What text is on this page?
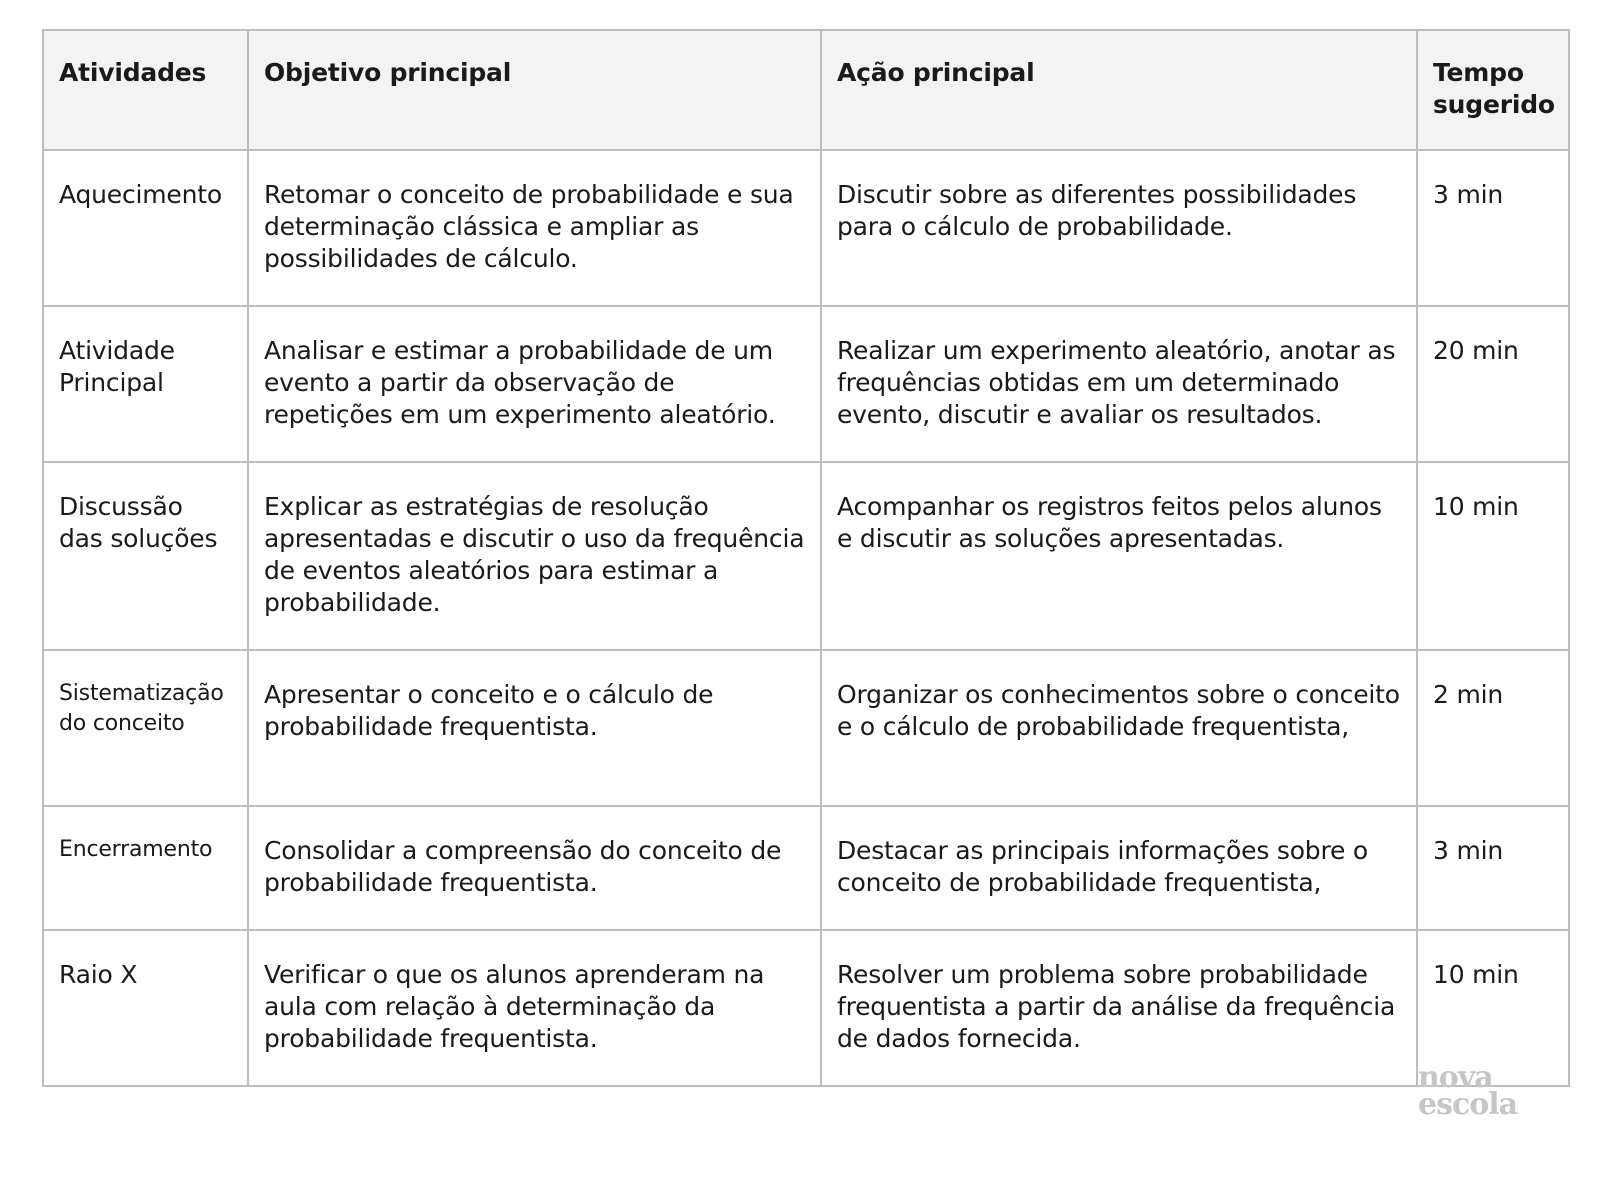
Atividades	Objetivo principal	Ação principal	Tempo sugerido
Aquecimento	Retomar o conceito de probabilidade e sua determinação clássica e ampliar as possibilidades de cálculo.	Discutir sobre as diferentes possibilidades para o cálculo de probabilidade.	3 min
Atividade Principal	Analisar e estimar a probabilidade de um evento a partir da observação de repetições em um experimento aleatório.	Realizar um experimento aleatório, anotar as frequências obtidas em um determinado evento, discutir e avaliar os resultados.	20 min
Discussão das soluções	Explicar as estratégias de resolução apresentadas e discutir o uso da frequência de eventos aleatórios para estimar a probabilidade.	Acompanhar os registros feitos pelos alunos e discutir as soluções apresentadas.	10 min
Sistematização do conceito	Apresentar o conceito e o cálculo de probabilidade frequentista.	Organizar os conhecimentos sobre o conceito e o cálculo de probabilidade frequentista,	2 min
Encerramento	Consolidar a compreensão do conceito de probabilidade frequentista.	Destacar as principais informações sobre o conceito de probabilidade frequentista,	3 min
Raio X	Verificar o que os alunos aprenderam na aula com relação à determinação da probabilidade frequentista.	Resolver um problema sobre probabilidade frequentista a partir da análise da frequência de dados fornecida.	10 min
nova
escola
